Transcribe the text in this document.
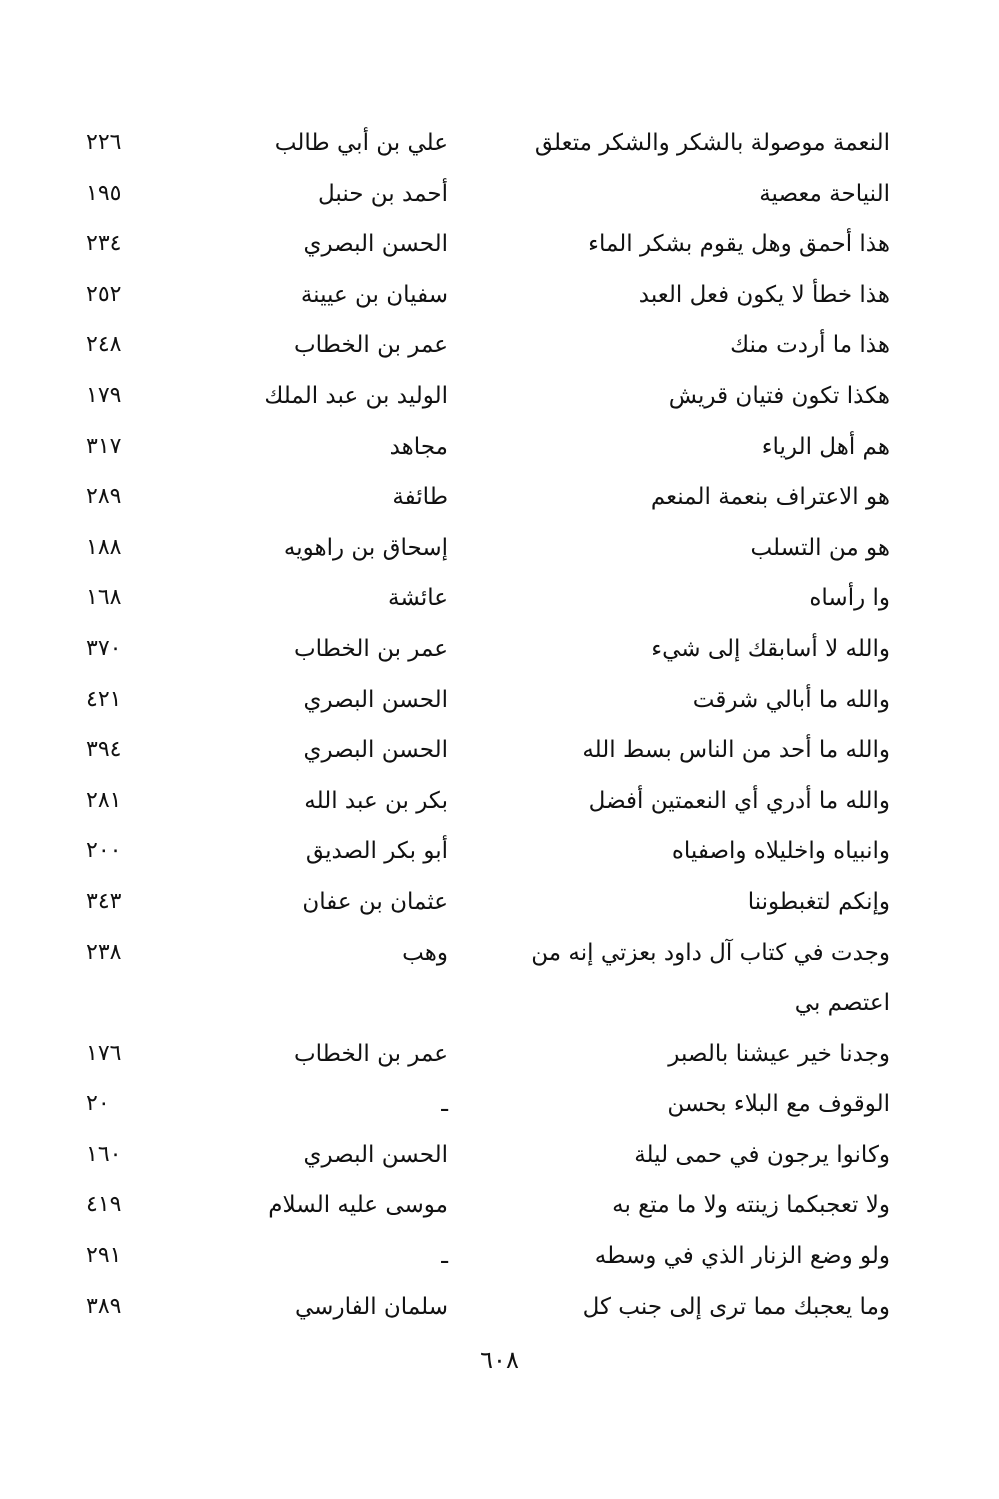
النعمة موصولة بالشكر والشكر متعلق
علي بن أبي طالب
٢٢٦
النياحة معصية
أحمد بن حنبل
١٩٥
هذا أحمق وهل يقوم بشكر الماء
الحسن البصري
٢٣٤
هذا خطأ لا يكون فعل العبد
سفيان بن عيينة
٢٥٢
هذا ما أردت منك
عمر بن الخطاب
٢٤٨
هكذا تكون فتيان قريش
الوليد بن عبد الملك
١٧٩
هم أهل الرياء
مجاهد
٣١٧
هو الاعتراف بنعمة المنعم
طائفة
٢٨٩
هو من التسلب
إسحاق بن راهويه
١٨٨
وا رأساه
عائشة
١٦٨
والله لا أسابقك إلى شيء
عمر بن الخطاب
٣٧٠
والله ما أبالي شرقت
الحسن البصري
٤٢١
والله ما أحد من الناس بسط الله
الحسن البصري
٣٩٤
والله ما أدري أي النعمتين أفضل
بكر بن عبد الله
٢٨١
وانبياه واخليلاه واصفياه
أبو بكر الصديق
٢٠٠
وإنكم لتغبطوننا
عثمان بن عفان
٣٤٣
وجدت في كتاب آل داود بعزتي إنه من
وهب
٢٣٨
اعتصم بي
وجدنا خير عيشنا بالصبر
عمر بن الخطاب
١٧٦
الوقوف مع البلاء بحسن
ـ
٢٠
وكانوا يرجون في حمى ليلة
الحسن البصري
١٦٠
ولا تعجبكما زينته ولا ما متع به
موسى عليه السلام
٤١٩
ولو وضع الزنار الذي في وسطه
ـ
٢٩١
وما يعجبك مما ترى إلى جنب كل
سلمان الفارسي
٣٨٩
٦٠٨
